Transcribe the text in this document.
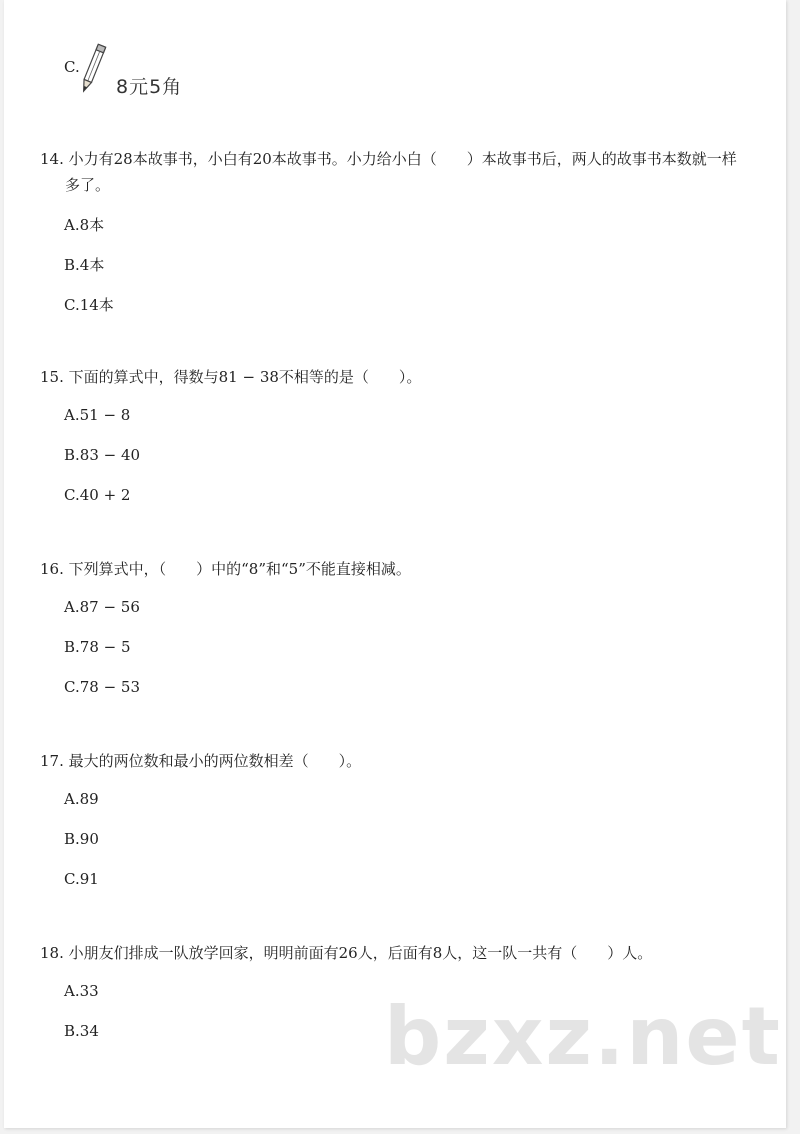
C.
8元5角

14. 小力有28本故事书，小白有20本故事书。小力给小白（　　）本故事书后，两人的故事书本数就一样
多了。

A.8本

B.4本

C.14本

15. 下面的算式中，得数与81 − 38不相等的是（　　）。

A.51 − 8

B.83 − 40

C.40 + 2

16. 下列算式中，（　　）中的“8”和“5”不能直接相减。

A.87 − 56

B.78 − 5

C.78 − 53

17. 最大的两位数和最小的两位数相差（　　）。

A.89

B.90

C.91

18. 小朋友们排成一队放学回家，明明前面有26人，后面有8人，这一队一共有（　　）人。

A.33

B.34	bzxz.net
